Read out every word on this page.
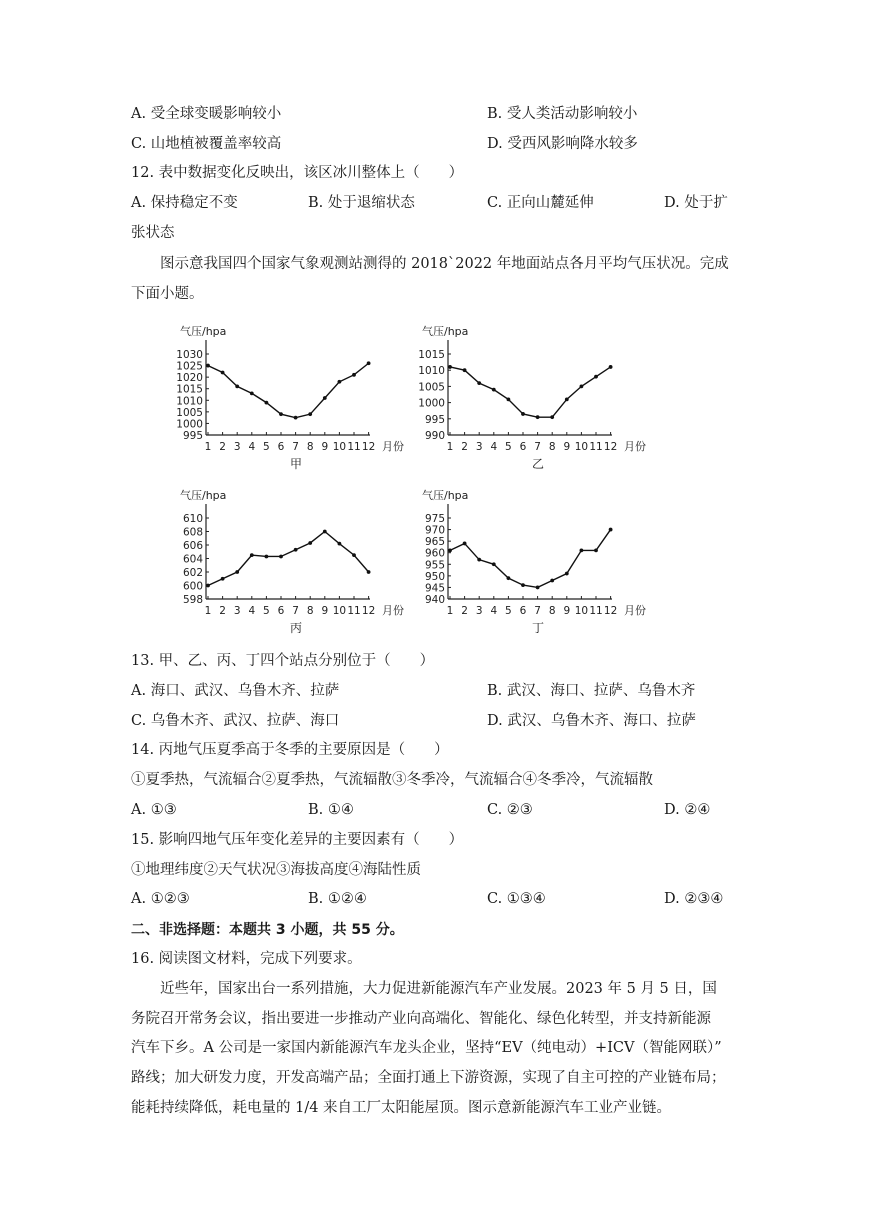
A. 受全球变暖影响较小	B. 受人类活动影响较小
C. 山地植被覆盖率较高	D. 受西风影响降水较多
12. 表中数据变化反映出，该区冰川整体上（　　）
A. 保持稳定不变	B. 处于退缩状态	C. 正向山麓延伸	D. 处于扩
张状态
图示意我国四个国家气象观测站测得的 2018`2022 年地面站点各月平均气压状况。完成
下面小题。
气压/hpa
995
1000
1005
1010
1015
1020
1025
1030
1 2 3 4 5 6 7 8 9 10 11 12 月份
甲
气压/hpa
990
995
1000
1005
1010
1015
1 2 3 4 5 6 7 8 9 10 11 12 月份
乙
气压/hpa
598
600
602
604
606
608
610
1 2 3 4 5 6 7 8 9 10 11 12 月份
丙
气压/hpa
940
945
950
955
960
965
970
975
1 2 3 4 5 6 7 8 9 10 11 12 月份
丁
13. 甲、乙、丙、丁四个站点分别位于（　　）
A. 海口、武汉、乌鲁木齐、拉萨	B. 武汉、海口、拉萨、乌鲁木齐
C. 乌鲁木齐、武汉、拉萨、海口	D. 武汉、乌鲁木齐、海口、拉萨
14. 丙地气压夏季高于冬季的主要原因是（　　）
①夏季热，气流辐合②夏季热，气流辐散③冬季冷，气流辐合④冬季冷，气流辐散
A. ①③	B. ①④	C. ②③	D. ②④
15. 影响四地气压年变化差异的主要因素有（　　）
①地理纬度②天气状况③海拔高度④海陆性质
A. ①②③	B. ①②④	C. ①③④	D. ②③④
二、非选择题：本题共 3 小题，共 55 分。
16. 阅读图文材料，完成下列要求。
近些年，国家出台一系列措施，大力促进新能源汽车产业发展。2023 年 5 月 5 日，国
务院召开常务会议，指出要进一步推动产业向高端化、智能化、绿色化转型，并支持新能源
汽车下乡。A 公司是一家国内新能源汽车龙头企业，坚持“EV（纯电动）+ICV（智能网联）”
路线；加大研发力度，开发高端产品；全面打通上下游资源，实现了自主可控的产业链布局；
能耗持续降低，耗电量的 1/4 来自工厂太阳能屋顶。图示意新能源汽车工业产业链。
